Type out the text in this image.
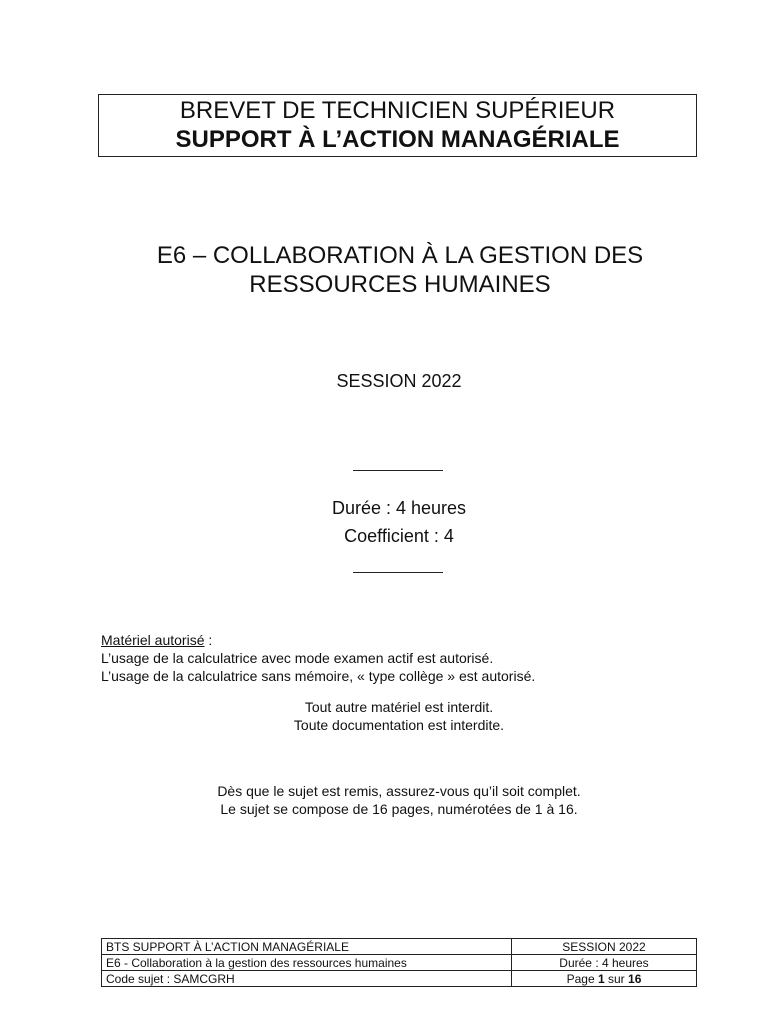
BREVET DE TECHNICIEN SUPÉRIEUR
SUPPORT À L’ACTION MANAGÉRIALE
E6 – COLLABORATION À LA GESTION DES
RESSOURCES HUMAINES
SESSION 2022
Durée : 4 heures
Coefficient : 4
Matériel autorisé :
L’usage de la calculatrice avec mode examen actif est autorisé.
L’usage de la calculatrice sans mémoire, « type collège » est autorisé.
Tout autre matériel est interdit.
Toute documentation est interdite.
Dès que le sujet est remis, assurez-vous qu’il soit complet.
Le sujet se compose de 16 pages, numérotées de 1 à 16.
BTS SUPPORT À L’ACTION MANAGÉRIALE	SESSION 2022
E6 - Collaboration à la gestion des ressources humaines	Durée : 4 heures
Code sujet : SAMCGRH	Page 1 sur 16
